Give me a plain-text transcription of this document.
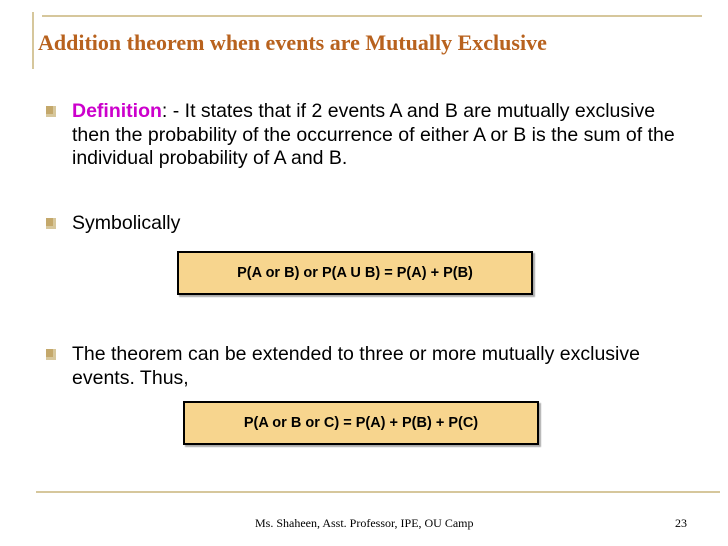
Addition theorem when events are Mutually Exclusive
Definition: - It states that if 2 events A and B are mutually exclusive then the probability of the occurrence of either A or B is the sum of the individual probability of A and B.
Symbolically
P(A or B) or P(A U B) = P(A) + P(B)
The theorem can be extended to three or more mutually exclusive events. Thus,
P(A or B or C) = P(A) + P(B) + P(C)
Ms. Shaheen, Asst. Professor, IPE, OU Camp	23
